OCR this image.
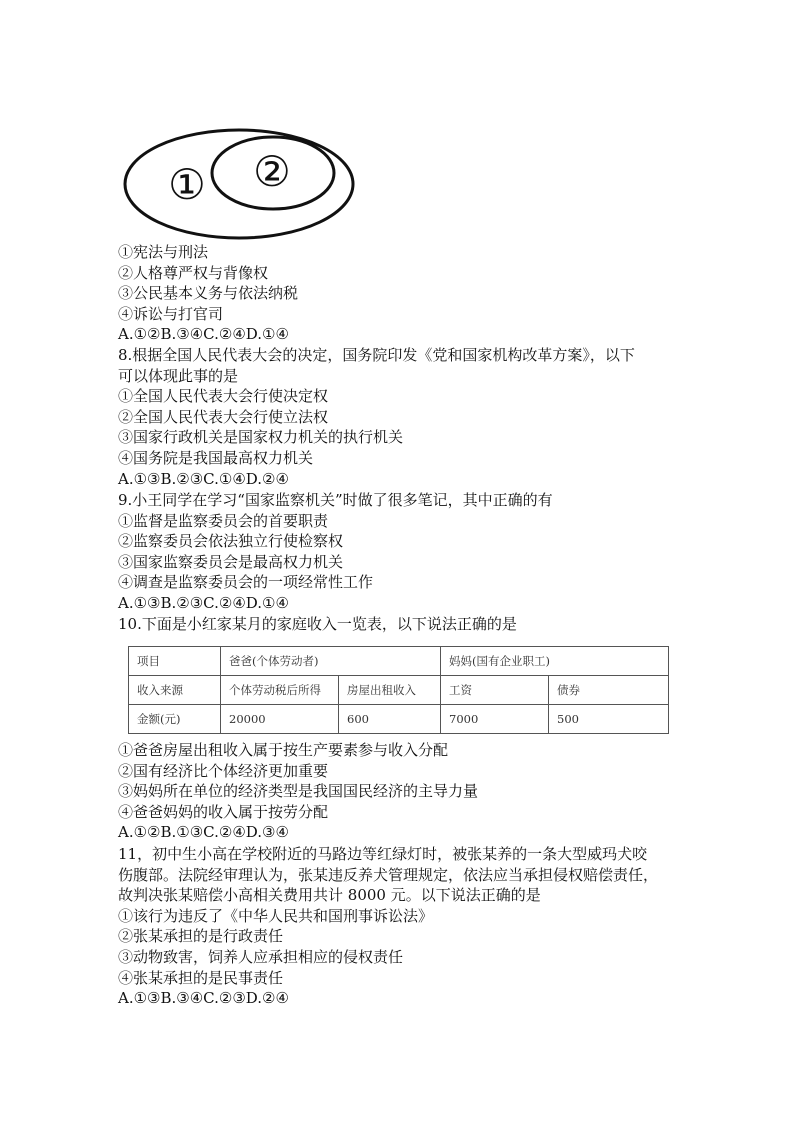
① ②
①宪法与刑法
②人格尊严权与背像权
③公民基本义务与依法纳税
④诉讼与打官司
A.①②B.③④C.②④D.①④
8.根据全国人民代表大会的决定，国务院印发《党和国家机构改革方案》，以下
可以体现此事的是
①全国人民代表大会行使决定权
②全国人民代表大会行使立法权
③国家行政机关是国家权力机关的执行机关
④国务院是我国最高权力机关
A.①③B.②③C.①④D.②④
9.小王同学在学习“国家监察机关”时做了很多笔记，其中正确的有
①监督是监察委员会的首要职责
②监察委员会依法独立行使检察权
③国家监察委员会是最高权力机关
④调查是监察委员会的一项经常性工作
A.①③B.②③C.②④D.①④
10.下面是小红家某月的家庭收入一览表，以下说法正确的是
项目	爸爸(个体劳动者)		妈妈(国有企业职工)	
收入来源	个体劳动税后所得	房屋出租收入	工资	债券
金额(元)	20000	600	7000	500
①爸爸房屋出租收入属于按生产要素参与收入分配
②国有经济比个体经济更加重要
③妈妈所在单位的经济类型是我国国民经济的主导力量
④爸爸妈妈的收入属于按劳分配
A.①②B.①③C.②④D.③④
11，初中生小高在学校附近的马路边等红绿灯时，被张某养的一条大型威玛犬咬
伤腹部。法院经审理认为，张某违反养犬管理规定，依法应当承担侵权赔偿责任，
故判决张某赔偿小高相关费用共计 8000 元。以下说法正确的是
①该行为违反了《中华人民共和国刑事诉讼法》
②张某承担的是行政责任
③动物致害，饲养人应承担相应的侵权责任
④张某承担的是民事责任
A.①③B.③④C.②③D.②④
